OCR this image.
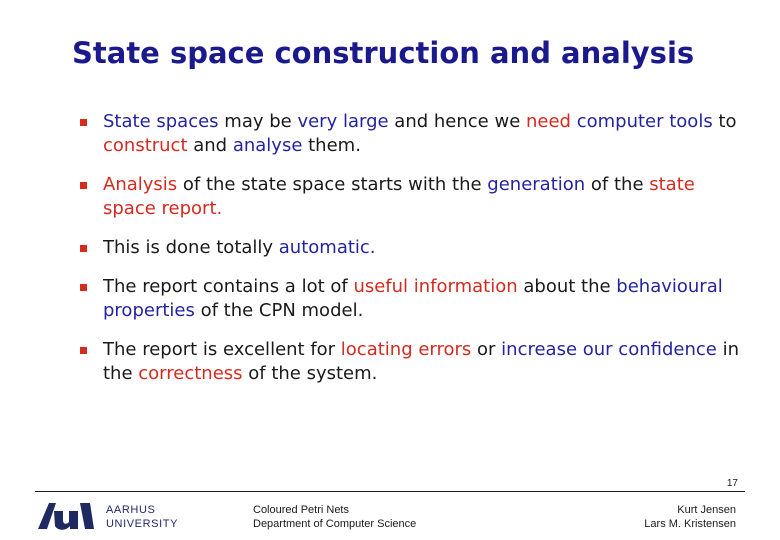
State space construction and analysis
State spaces may be very large and hence we need computer tools to construct and analyse them.
Analysis of the state space starts with the generation of the state space report.
This is done totally automatic.
The report contains a lot of useful information about the behavioural properties of the CPN model.
The report is excellent for locating errors or increase our confidence in the correctness of the system.
17
AARHUS
UNIVERSITY
Coloured Petri Nets
Department of Computer Science
Kurt Jensen
Lars M. Kristensen
